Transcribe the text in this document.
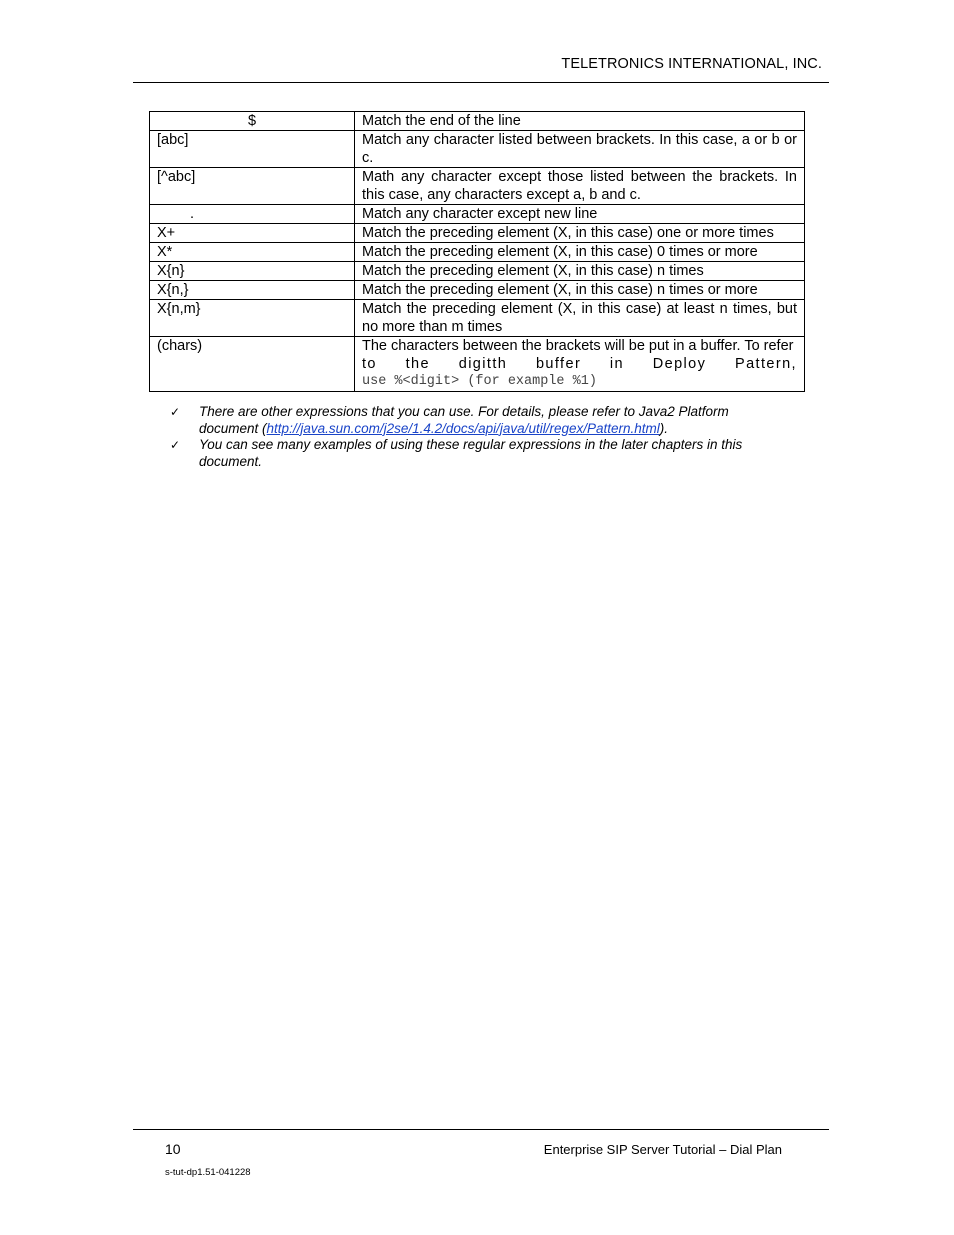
TELETRONICS INTERNATIONAL, INC.
$	Match the end of the line
[abc]	Match any character listed between brackets. In this case, a or b or c.
[^abc]	Math any character except those listed between the brackets. In this case, any characters except a, b and c.
.	Match any character except new line
X+	Match the preceding element (X, in this case) one or more times
X*	Match the preceding element (X, in this case) 0 times or more
X{n}	Match the preceding element (X, in this case) n times
X{n,}	Match the preceding element (X, in this case) n times or more
X{n,m}	Match the preceding element (X, in this case) at least n times, but no more than m times
(chars)	The characters between the brackets will be put in a buffer. To refer
to the digitth buffer in Deploy Pattern,
use %<digit> (for example %1)
✓ There are other expressions that you can use. For details, please refer to Java2 Platform document (http://java.sun.com/j2se/1.4.2/docs/api/java/util/regex/Pattern.html).
✓ You can see many examples of using these regular expressions in the later chapters in this document.
10	Enterprise SIP Server Tutorial – Dial Plan
s-tut-dp1.51-041228
